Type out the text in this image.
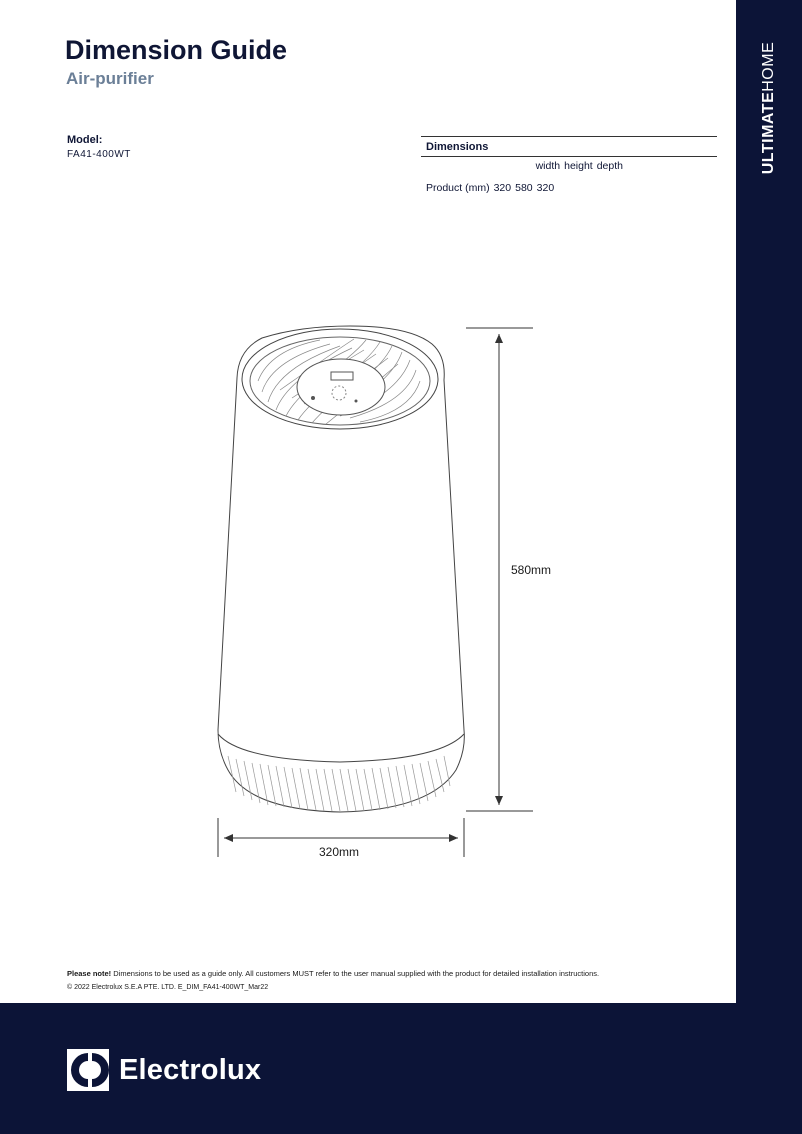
ULTIMATEHOME
Dimension Guide
Air-purifier
Model:
FA41-400WT
Dimensions
width height depth
Product (mm) 320 580 320
580mm
320mm
Please note! Dimensions to be used as a guide only. All customers MUST refer to the user manual supplied with the product for detailed installation instructions.
© 2022 Electrolux S.E.A PTE. LTD. E_DIM_FA41-400WT_Mar22
Electrolux
